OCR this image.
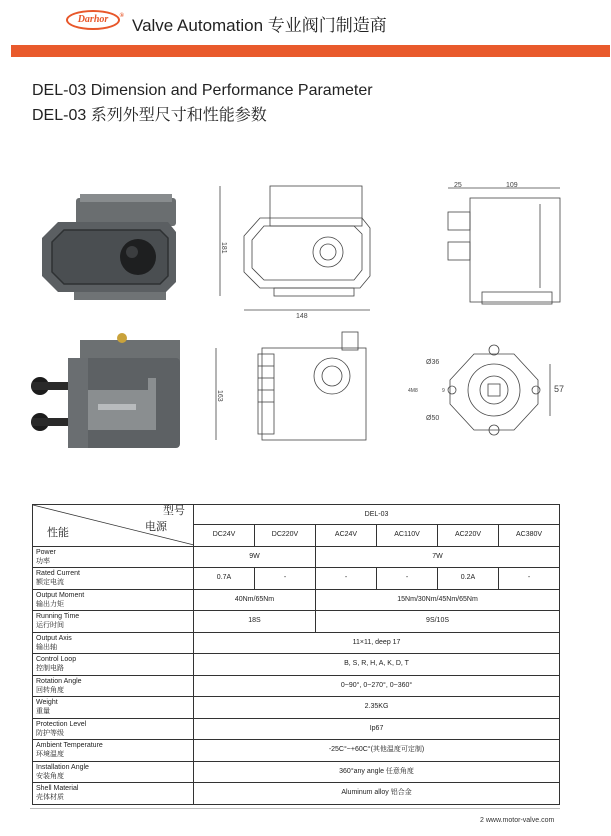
Darhor ® Valve Automation 专业阀门制造商
DEL-03 Dimension and Performance Parameter
DEL-03 系列外型尺寸和性能参数
181
148
25	109
163
Ø36
Ø50
4M8	9	57
型号
电源
性能	DEL-03					
	DC24V	DC220V	AC24V	AC110V	AC220V	AC380V

Power
功率	9W		7W			

Rated Current
额定电流	0.7A	-	-	-	0.2A	-

Output Moment
输出力矩	40Nm/65Nm		15Nm/30Nm/45Nm/65Nm			

Running Time
运行时间	18S		9S/10S			

Output Axis
输出轴	11×11, deep 17					

Control Loop
控制电路	B, S, R, H, A, K, D, T					

Rotation Angle
回转角度	0~90°, 0~270°, 0~360°					

Weight
重量	2.35KG					

Protection Level
防护等级	Ip67					

Ambient Temperature
环境温度	-25C°~+60C°(其他温度可定制)					

Installation Angle
安装角度	360°any angle 任意角度					

Shell Material
壳体材质	Aluminum alloy 铝合金					
2 www.motor-valve.com
